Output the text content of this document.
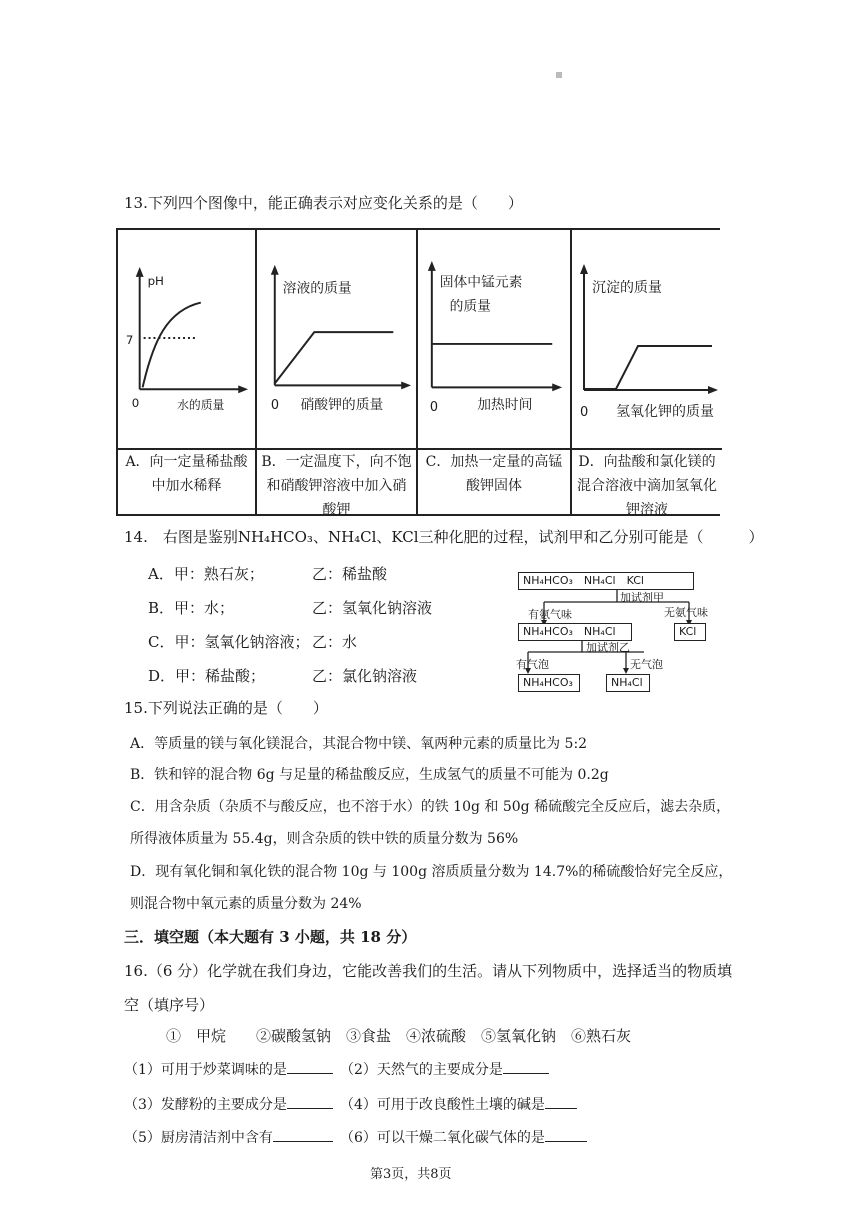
13.下列四个图像中，能正确表示对应变化关系的是（　　）
pH
7
0	水的质量
A．向一定量稀盐酸中加水稀释
溶液的质量
0 硝酸钾的质量
B．一定温度下，向不饱和硝酸钾溶液中加入硝酸钾
固体中锰元素
的质量
0	加热时间
C．加热一定量的高锰酸钾固体
沉淀的质量
0 氢氧化钾的质量
D．向盐酸和氯化镁的混合溶液中滴加氢氧化钾溶液
14.　右图是鉴别NH₄HCO₃、NH₄Cl、KCl三种化肥的过程，试剂甲和乙分别可能是（　　　）
A．甲：熟石灰；	乙：稀盐酸
B．甲：水；	乙：氢氧化钠溶液
C．甲：氢氧化钠溶液； 乙：水
D．甲：稀盐酸；	乙：氯化钠溶液
NH₄HCO₃　NH₄Cl　KCl
加试剂甲
有氨气味	无氨气味
NH₄HCO₃　NH₄Cl	KCl
加试剂乙
有气泡	无气泡
NH₄HCO₃	NH₄Cl
15.下列说法正确的是（　　）
A．等质量的镁与氧化镁混合，其混合物中镁、氧两种元素的质量比为 5:2
B．铁和锌的混合物 6g 与足量的稀盐酸反应，生成氢气的质量不可能为 0.2g
C．用含杂质（杂质不与酸反应，也不溶于水）的铁 10g 和 50g 稀硫酸完全反应后，滤去杂质，
所得液体质量为 55.4g，则含杂质的铁中铁的质量分数为 56%
D．现有氧化铜和氧化铁的混合物 10g 与 100g 溶质质量分数为 14.7%的稀硫酸恰好完全反应，
则混合物中氧元素的质量分数为 24%
三．填空题（本大题有 3 小题，共 18 分）
16.（6 分）化学就在我们身边，它能改善我们的生活。请从下列物质中，选择适当的物质填
空（填序号）
①　甲烷　　②碳酸氢钠　③食盐　④浓硫酸　⑤氢氧化钠　⑥熟石灰
（1）可用于炒菜调味的是	（2）天然气的主要成分是
（3）发酵粉的主要成分是	（4）可用于改良酸性土壤的碱是
（5）厨房清洁剂中含有	（6）可以干燥二氧化碳气体的是
第3页，共8页
